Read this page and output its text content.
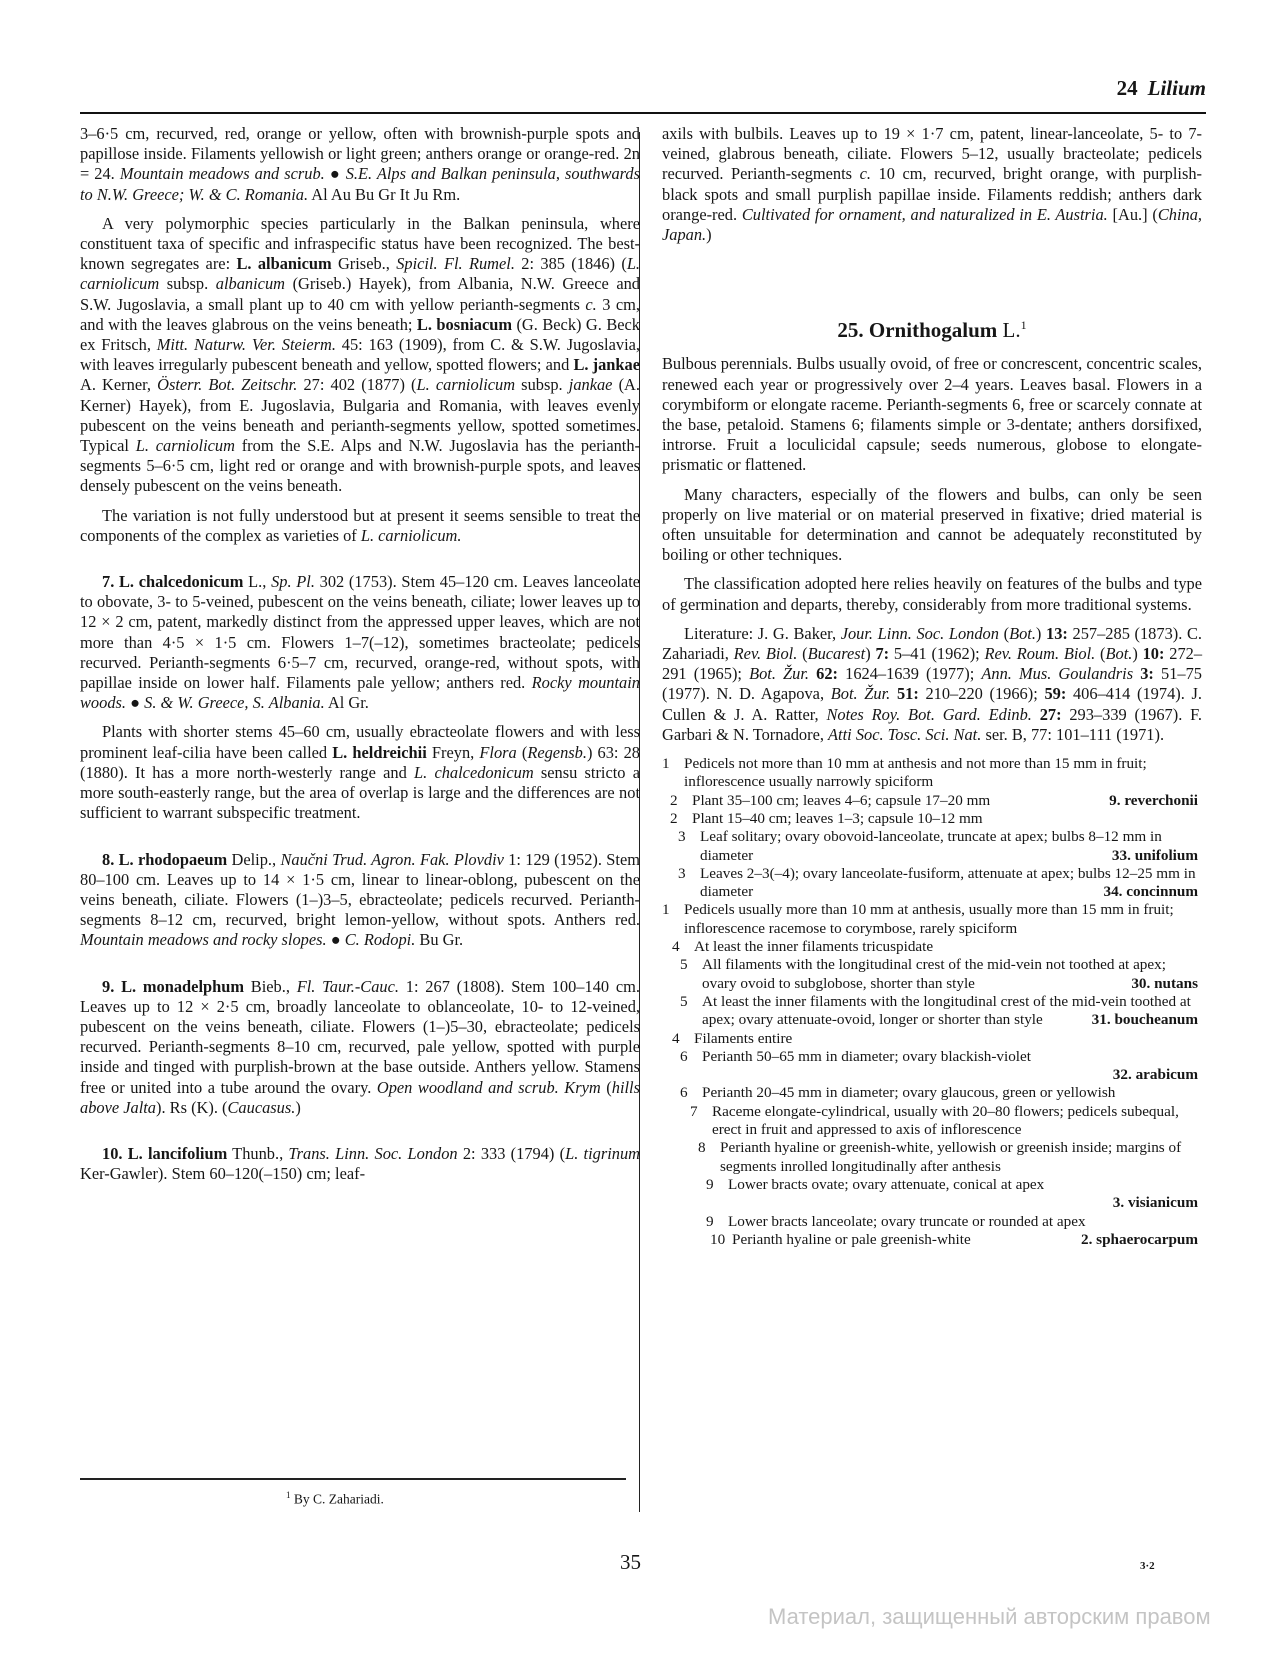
24 Lilium

3–6·5 cm, recurved, red, orange or yellow, often with brownish-purple spots and papillose inside. Filaments yellowish or light green; anthers orange or orange-red. 2n = 24. Mountain meadows and scrub. ● S.E. Alps and Balkan peninsula, southwards to N.W. Greece; W. & C. Romania. Al Au Bu Gr It Ju Rm.

A very polymorphic species particularly in the Balkan peninsula, where constituent taxa of specific and infraspecific status have been recognized. The best-known segregates are: L. albanicum Griseb., Spicil. Fl. Rumel. 2: 385 (1846) (L. carniolicum subsp. albanicum (Griseb.) Hayek), from Albania, N.W. Greece and S.W. Jugoslavia, a small plant up to 40 cm with yellow perianth-segments c. 3 cm, and with the leaves glabrous on the veins beneath; L. bosniacum (G. Beck) G. Beck ex Fritsch, Mitt. Naturw. Ver. Steierm. 45: 163 (1909), from C. & S.W. Jugoslavia, with leaves irregularly pubescent beneath and yellow, spotted flowers; and L. jankae A. Kerner, Österr. Bot. Zeitschr. 27: 402 (1877) (L. carniolicum subsp. jankae (A. Kerner) Hayek), from E. Jugoslavia, Bulgaria and Romania, with leaves evenly pubescent on the veins beneath and perianth-segments yellow, spotted sometimes. Typical L. carniolicum from the S.E. Alps and N.W. Jugoslavia has the perianth-segments 5–6·5 cm, light red or orange and with brownish-purple spots, and leaves densely pubescent on the veins beneath.

The variation is not fully understood but at present it seems sensible to treat the components of the complex as varieties of L. carniolicum.

7. L. chalcedonicum L., Sp. Pl. 302 (1753). Stem 45–120 cm. Leaves lanceolate to obovate, 3- to 5-veined, pubescent on the veins beneath, ciliate; lower leaves up to 12 × 2 cm, patent, markedly distinct from the appressed upper leaves, which are not more than 4·5 × 1·5 cm. Flowers 1–7(–12), sometimes bracteolate; pedicels recurved. Perianth-segments 6·5–7 cm, recurved, orange-red, without spots, with papillae inside on lower half. Filaments pale yellow; anthers red. Rocky mountain woods. ● S. & W. Greece, S. Albania. Al Gr.

Plants with shorter stems 45–60 cm, usually ebracteolate flowers and with less prominent leaf-cilia have been called L. heldreichii Freyn, Flora (Regensb.) 63: 28 (1880). It has a more north-westerly range and L. chalcedonicum sensu stricto a more south-easterly range, but the area of overlap is large and the differences are not sufficient to warrant subspecific treatment.

8. L. rhodopaeum Delip., Naučni Trud. Agron. Fak. Plovdiv 1: 129 (1952). Stem 80–100 cm. Leaves up to 14 × 1·5 cm, linear to linear-oblong, pubescent on the veins beneath, ciliate. Flowers (1–)3–5, ebracteolate; pedicels recurved. Perianth-segments 8–12 cm, recurved, bright lemon-yellow, without spots. Anthers red. Mountain meadows and rocky slopes. ● C. Rodopi. Bu Gr.

9. L. monadelphum Bieb., Fl. Taur.-Cauc. 1: 267 (1808). Stem 100–140 cm. Leaves up to 12 × 2·5 cm, broadly lanceolate to oblanceolate, 10- to 12-veined, pubescent on the veins beneath, ciliate. Flowers (1–)5–30, ebracteolate; pedicels recurved. Perianth-segments 8–10 cm, recurved, pale yellow, spotted with purple inside and tinged with purplish-brown at the base outside. Anthers yellow. Stamens free or united into a tube around the ovary. Open woodland and scrub. Krym (hills above Jalta). Rs (K). (Caucasus.)

10. L. lancifolium Thunb., Trans. Linn. Soc. London 2: 333 (1794) (L. tigrinum Ker-Gawler). Stem 60–120(–150) cm; leaf-

axils with bulbils. Leaves up to 19 × 1·7 cm, patent, linear-lanceolate, 5- to 7-veined, glabrous beneath, ciliate. Flowers 5–12, usually bracteolate; pedicels recurved. Perianth-segments c. 10 cm, recurved, bright orange, with purplish-black spots and small purplish papillae inside. Filaments reddish; anthers dark orange-red. Cultivated for ornament, and naturalized in E. Austria. [Au.] (China, Japan.)

25. Ornithogalum L.$^1$

Bulbous perennials. Bulbs usually ovoid, of free or concrescent, concentric scales, renewed each year or progressively over 2–4 years. Leaves basal. Flowers in a corymbiform or elongate raceme. Perianth-segments 6, free or scarcely connate at the base, petaloid. Stamens 6; filaments simple or 3-dentate; anthers dorsifixed, introrse. Fruit a loculicidal capsule; seeds numerous, globose to elongate-prismatic or flattened.

Many characters, especially of the flowers and bulbs, can only be seen properly on live material or on material preserved in fixative; dried material is often unsuitable for determination and cannot be adequately reconstituted by boiling or other techniques.

The classification adopted here relies heavily on features of the bulbs and type of germination and departs, thereby, considerably from more traditional systems.

Literature: J. G. Baker, Jour. Linn. Soc. London (Bot.) 13: 257–285 (1873). C. Zahariadi, Rev. Biol. (Bucarest) 7: 5–41 (1962); Rev. Roum. Biol. (Bot.) 10: 272–291 (1965); Bot. Žur. 62: 1624–1639 (1977); Ann. Mus. Goulandris 3: 51–75 (1977). N. D. Agapova, Bot. Žur. 51: 210–220 (1966); 59: 406–414 (1974). J. Cullen & J. A. Ratter, Notes Roy. Bot. Gard. Edinb. 27: 293–339 (1967). F. Garbari & N. Tornadore, Atti Soc. Tosc. Sci. Nat. ser. B, 77: 101–111 (1971).

1 Pedicels not more than 10 mm at anthesis and not more than 15 mm in fruit; inflorescence usually narrowly spiciform
2 Plant 35–100 cm; leaves 4–6; capsule 17–20 mm	9. reverchonii
2 Plant 15–40 cm; leaves 1–3; capsule 10–12 mm
3 Leaf solitary; ovary obovoid-lanceolate, truncate at apex; bulbs 8–12 mm in diameter	33. unifolium
3 Leaves 2–3(–4); ovary lanceolate-fusiform, attenuate at apex; bulbs 12–25 mm in diameter	34. concinnum
1 Pedicels usually more than 10 mm at anthesis, usually more than 15 mm in fruit; inflorescence racemose to corymbose, rarely spiciform
4 At least the inner filaments tricuspidate
5 All filaments with the longitudinal crest of the mid-vein not toothed at apex; ovary ovoid to subglobose, shorter than style	30. nutans
5 At least the inner filaments with the longitudinal crest of the mid-vein toothed at apex; ovary attenuate-ovoid, longer or shorter than style	31. boucheanum
4 Filaments entire
6 Perianth 50–65 mm in diameter; ovary blackish-violet
32. arabicum
6 Perianth 20–45 mm in diameter; ovary glaucous, green or yellowish
7 Raceme elongate-cylindrical, usually with 20–80 flowers; pedicels subequal, erect in fruit and appressed to axis of inflorescence
8 Perianth hyaline or greenish-white, yellowish or greenish inside; margins of segments inrolled longitudinally after anthesis
9 Lower bracts ovate; ovary attenuate, conical at apex
3. visianicum
9 Lower bracts lanceolate; ovary truncate or rounded at apex
10 Perianth hyaline or pale greenish-white	2. sphaerocarpum
$^1$ By C. Zahariadi.
35	3·2
Материал, защищенный авторским правом
